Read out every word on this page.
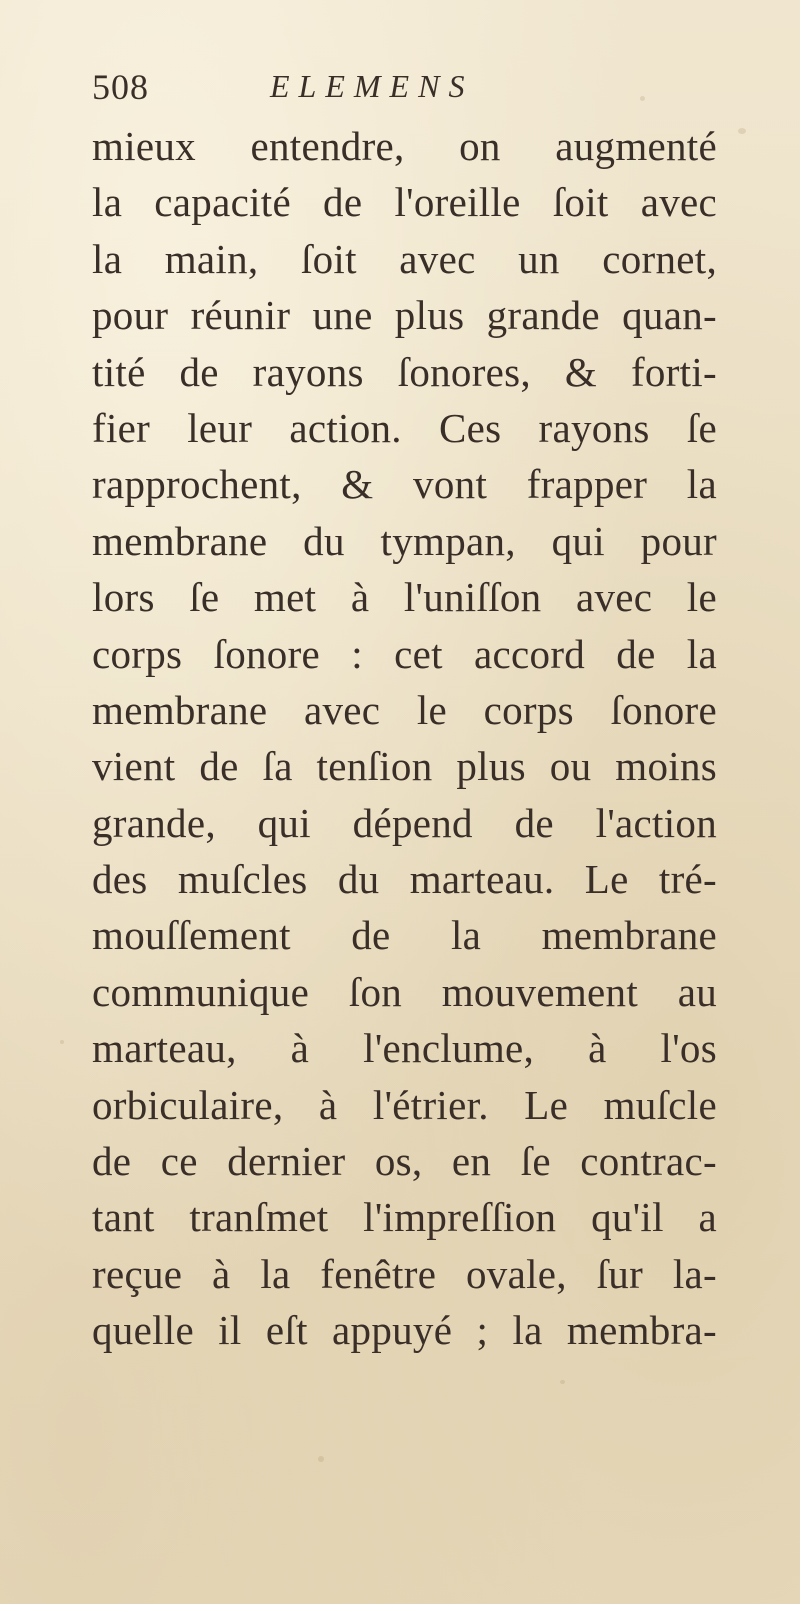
508	ELEMENS
mieux entendre, on augmenté
la capacité de l'oreille ſoit avec
la main, ſoit avec un cornet,
pour réunir une plus grande quan-
tité de rayons ſonores, & forti-
fier leur action. Ces rayons ſe
rapprochent, & vont frapper la
membrane du tympan, qui pour
lors ſe met à l'uniſſon avec le
corps ſonore : cet accord de la
membrane avec le corps ſonore
vient de ſa tenſion plus ou moins
grande, qui dépend de l'action
des muſcles du marteau. Le tré-
mouſſement de la membrane
communique ſon mouvement au
marteau, à l'enclume, à l'os
orbiculaire, à l'étrier. Le muſcle
de ce dernier os, en ſe contrac-
tant tranſmet l'impreſſion qu'il a
reçue à la fenêtre ovale, ſur la-
quelle il eſt appuyé ; la membra-
